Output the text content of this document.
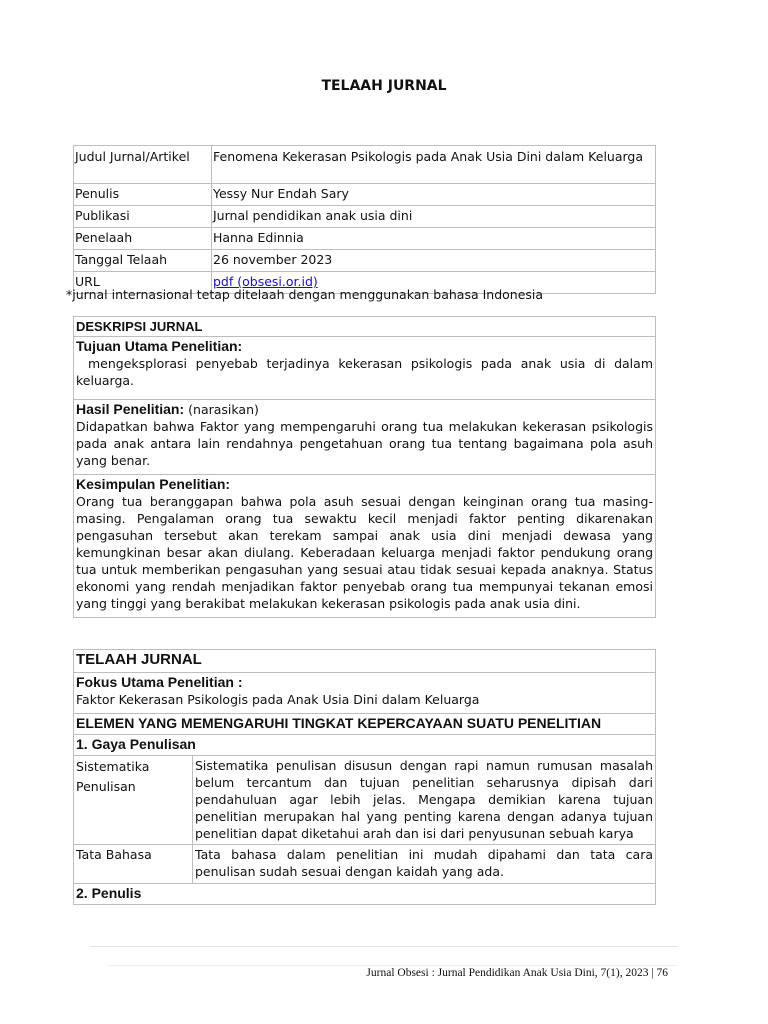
TELAAH JURNAL
Judul Jurnal/Artikel	Fenomena Kekerasan Psikologis pada Anak Usia Dini dalam Keluarga
Penulis	Yessy Nur Endah Sary
Publikasi	Jurnal pendidikan anak usia dini
Penelaah	Hanna Edinnia
Tanggal Telaah	26 november 2023
URL	pdf (obsesi.or.id)
*jurnal internasional tetap ditelaah dengan menggunakan bahasa Indonesia
DESKRIPSI JURNAL

Tujuan Utama Penelitian:
mengeksplorasi penyebab terjadinya kekerasan psikologis pada anak usia di dalam keluarga.

Hasil Penelitian: (narasikan)
Didapatkan bahwa Faktor yang mempengaruhi orang tua melakukan kekerasan psikologis pada anak antara lain rendahnya pengetahuan orang tua tentang bagaimana pola asuh yang benar.

Kesimpulan Penelitian:
Orang tua beranggapan bahwa pola asuh sesuai dengan keinginan orang tua masing-masing. Pengalaman orang tua sewaktu kecil menjadi faktor penting dikarenakan pengasuhan tersebut akan terekam sampai anak usia dini menjadi dewasa yang kemungkinan besar akan diulang. Keberadaan keluarga menjadi faktor pendukung orang tua untuk memberikan pengasuhan yang sesuai atau tidak sesuai kepada anaknya. Status ekonomi yang rendah menjadikan faktor penyebab orang tua mempunyai tekanan emosi yang tinggi yang berakibat melakukan kekerasan psikologis pada anak usia dini.
TELAAH JURNAL	

Fokus Utama Penelitian :
Faktor Kekerasan Psikologis pada Anak Usia Dini dalam Keluarga	

ELEMEN YANG MEMENGARUHI TINGKAT KEPERCAYAAN SUATU PENELITIAN	
1. Gaya Penulisan	
Sistematika Penulisan	Sistematika penulisan disusun dengan rapi namun rumusan masalah belum tercantum dan tujuan penelitian seharusnya dipisah dari pendahuluan agar lebih jelas. Mengapa demikian karena tujuan penelitian merupakan hal yang penting karena dengan adanya tujuan penelitian dapat diketahui arah dan isi dari penyusunan sebuah karya
Tata Bahasa	Tata bahasa dalam penelitian ini mudah dipahami dan tata cara penulisan sudah sesuai dengan kaidah yang ada.
2. Penulis	
Jurnal Obsesi : Jurnal Pendidikan Anak Usia Dini, 7(1), 2023 | 76
